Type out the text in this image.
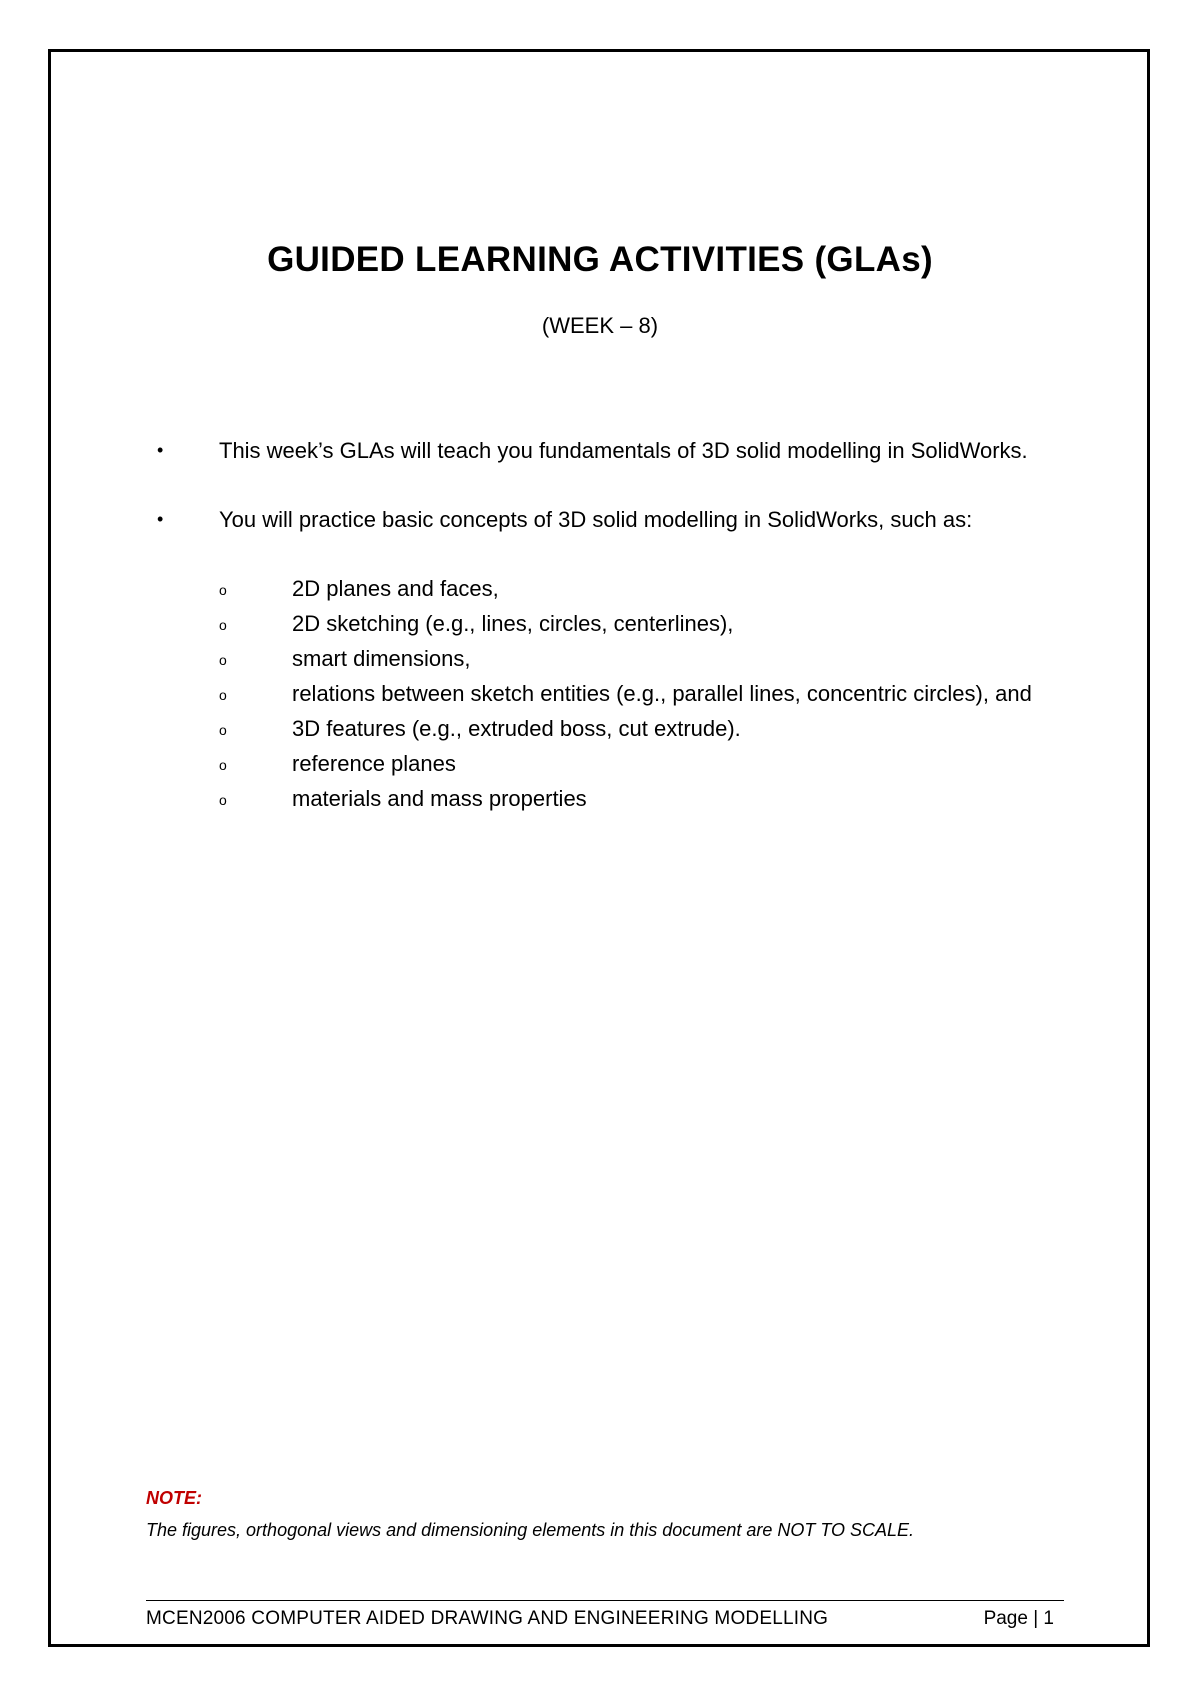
GUIDED LEARNING ACTIVITIES (GLAs)
(WEEK – 8)
•	This week’s GLAs will teach you fundamentals of 3D solid modelling in SolidWorks.
•	You will practice basic concepts of 3D solid modelling in SolidWorks, such as:
o	2D planes and faces,
o	2D sketching (e.g., lines, circles, centerlines),
o	smart dimensions,
o	relations between sketch entities (e.g., parallel lines, concentric circles), and
o	3D features (e.g., extruded boss, cut extrude).
o	reference planes
o	materials and mass properties
NOTE:
The figures, orthogonal views and dimensioning elements in this document are NOT TO SCALE.
MCEN2006 COMPUTER AIDED DRAWING AND ENGINEERING MODELLING	Page | 1
